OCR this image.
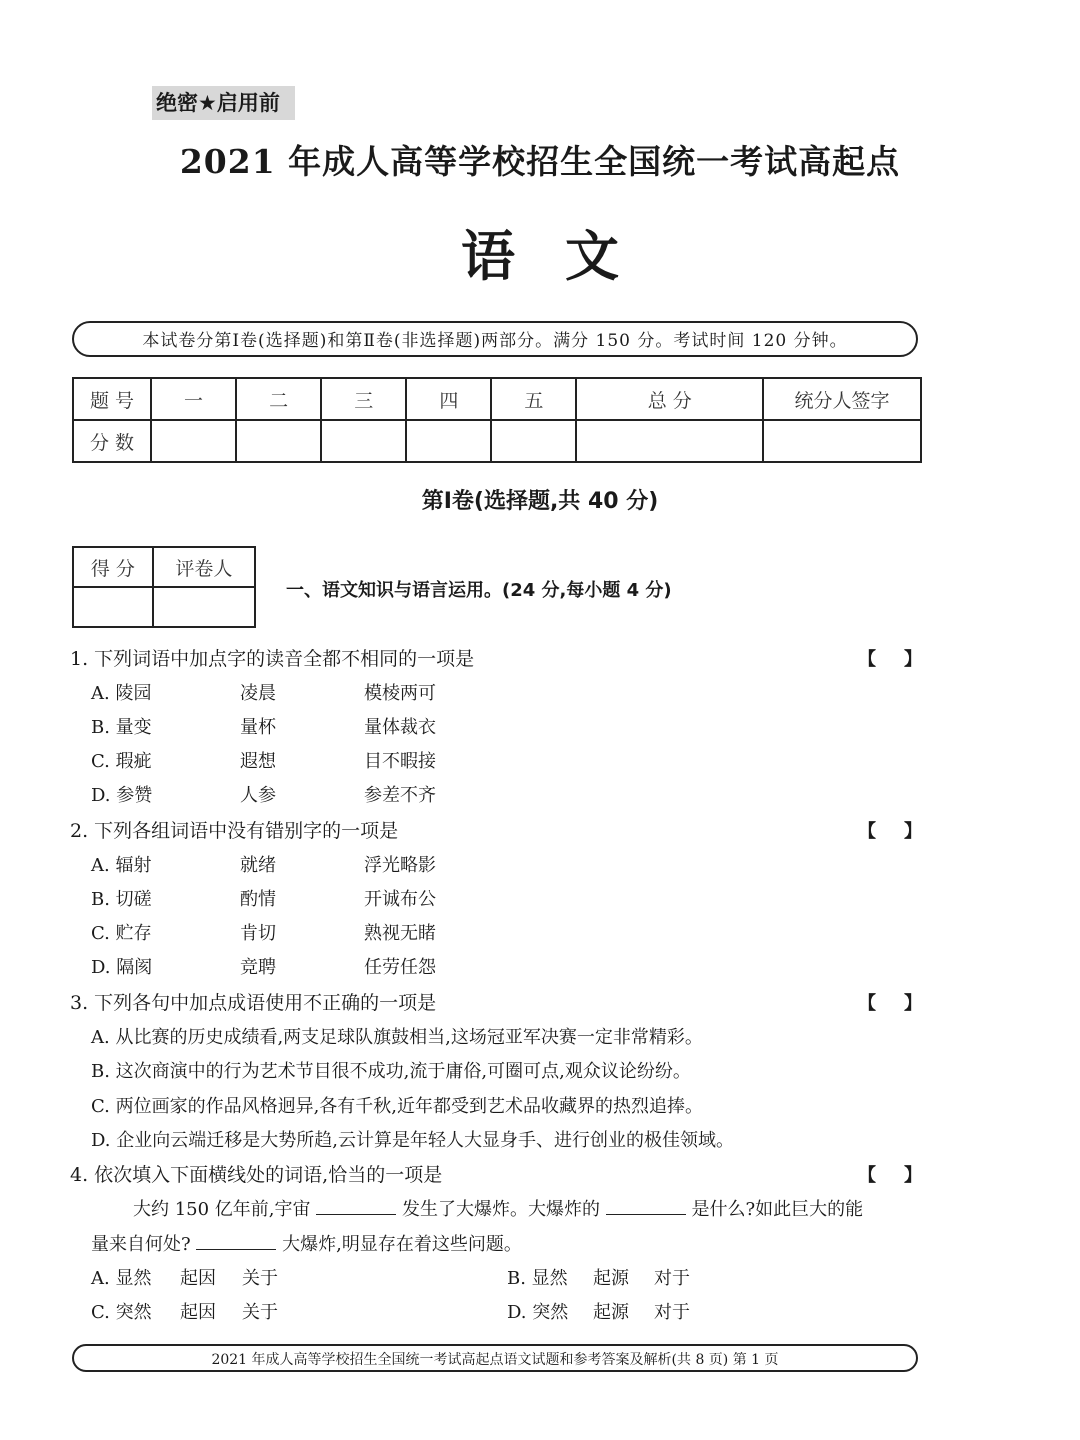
绝密★启用前
2021 年成人高等学校招生全国统一考试高起点
语文
本试卷分第Ⅰ卷(选择题)和第Ⅱ卷(非选择题)两部分。满分 150 分。考试时间 120 分钟。
题 号	一	二	三	四	五	总 分	统分人签字
分 数							
第Ⅰ卷(选择题,共 40 分)
得 分	评卷人

一、语文知识与语言运用。(24 分,每小题 4 分)
1. 下列词语中加点字的读音全都不相同的一项是	【 】
A. 陵园	凌晨	模棱两可
B. 量变	量杯	量体裁衣
C. 瑕疵	遐想	目不暇接
D. 参赞	人参	参差不齐
2. 下列各组词语中没有错别字的一项是	【 】
A. 辐射	就绪	浮光略影
B. 切磋	酌情	开诚布公
C. 贮存	肯切	熟视无睹
D. 隔阂	竞聘	任劳任怨
3. 下列各句中加点成语使用不正确的一项是	【 】
A. 从比赛的历史成绩看,两支足球队旗鼓相当,这场冠亚军决赛一定非常精彩。
B. 这次商演中的行为艺术节目很不成功,流于庸俗,可圈可点,观众议论纷纷。
C. 两位画家的作品风格迥异,各有千秋,近年都受到艺术品收藏界的热烈追捧。
D. 企业向云端迁移是大势所趋,云计算是年轻人大显身手、进行创业的极佳领域。
4. 依次填入下面横线处的词语,恰当的一项是	【 】
大约 150 亿年前,宇宙	发生了大爆炸。大爆炸的	是什么?如此巨大的能
量来自何处?	大爆炸,明显存在着这些问题。
A. 显然 起因 关于	B. 显然 起源 对于
C. 突然 起因 关于	D. 突然 起源 对于
2021 年成人高等学校招生全国统一考试高起点语文试题和参考答案及解析(共 8 页) 第 1 页
